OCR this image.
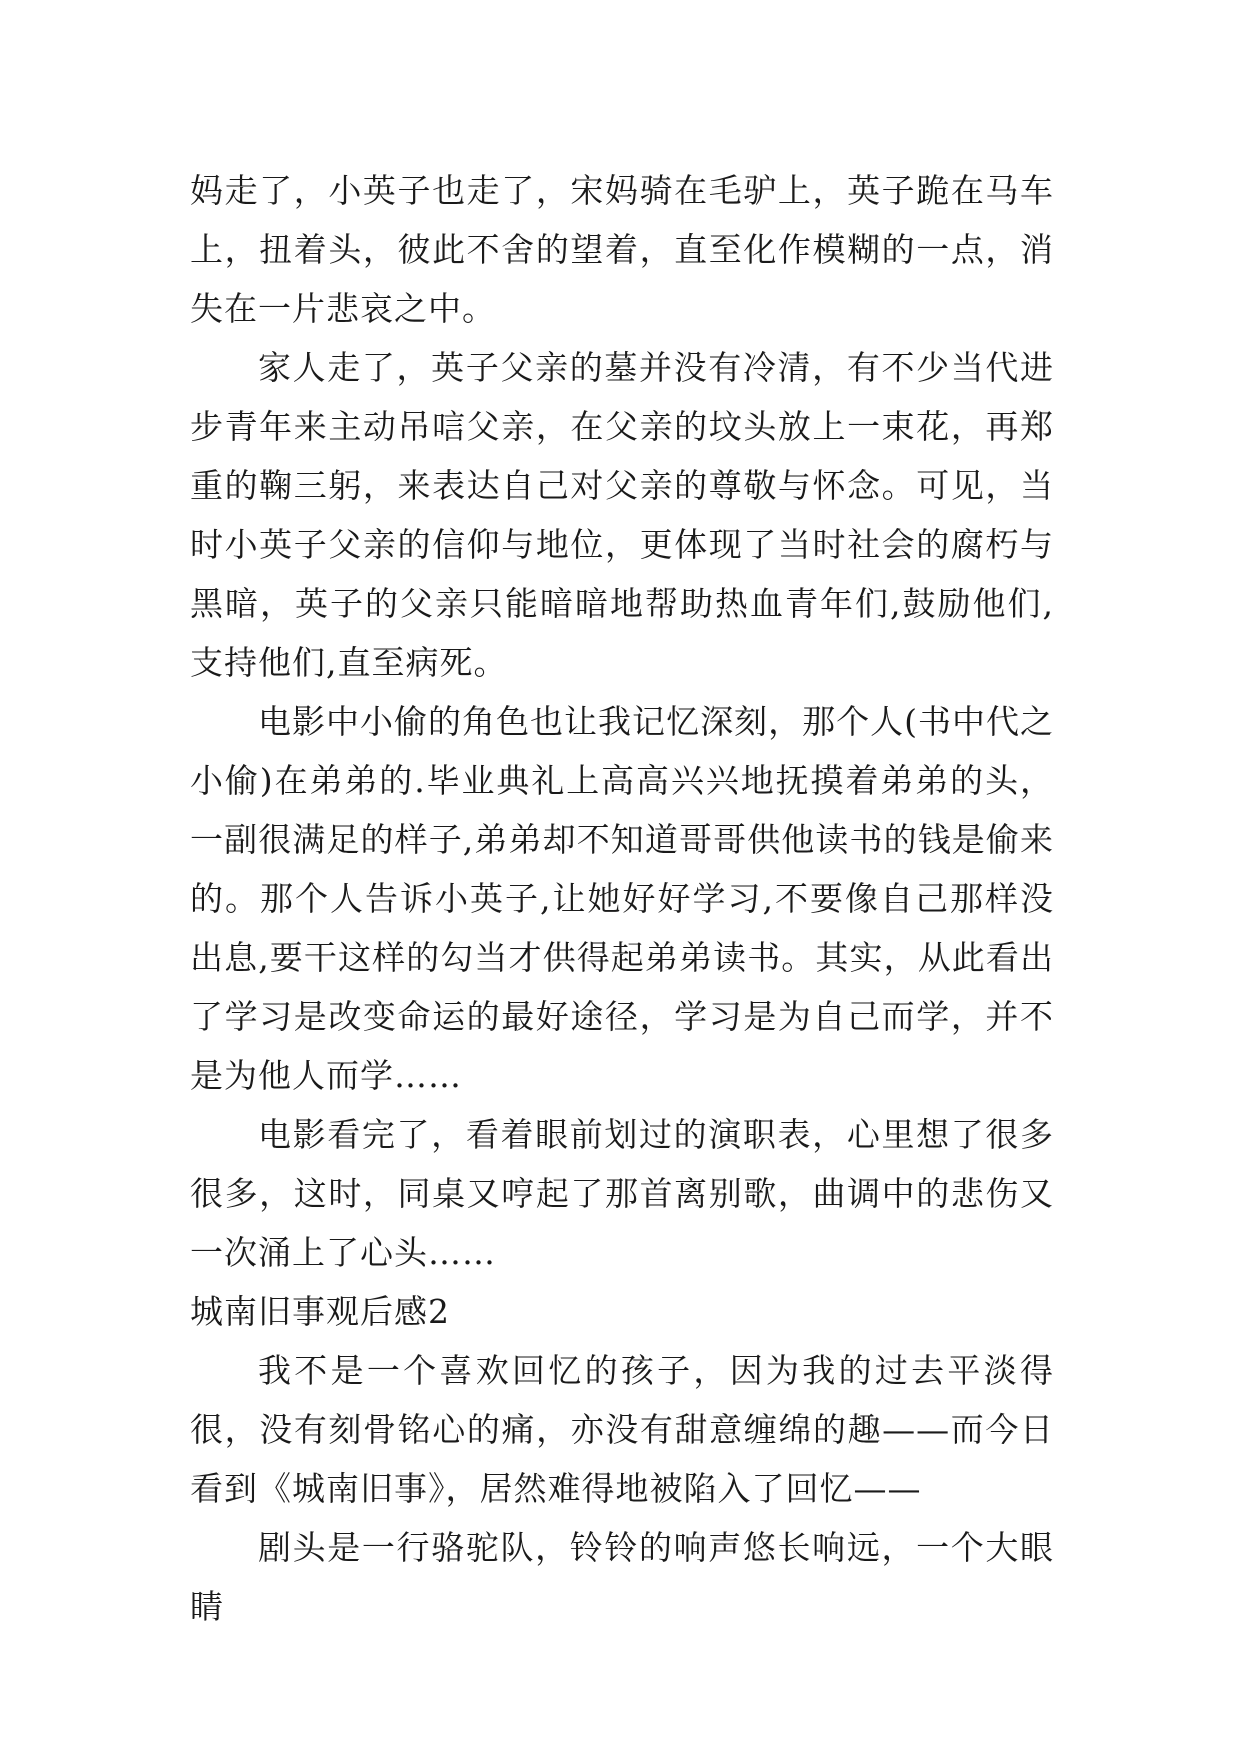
妈走了，小英子也走了，宋妈骑在毛驴上，英子跪在马车上，扭着头，彼此不舍的望着，直至化作模糊的一点，消失在一片悲哀之中。

家人走了，英子父亲的墓并没有冷清，有不少当代进步青年来主动吊唁父亲，在父亲的坟头放上一束花，再郑重的鞠三躬，来表达自己对父亲的尊敬与怀念。可见，当时小英子父亲的信仰与地位，更体现了当时社会的腐朽与黑暗，英子的父亲只能暗暗地帮助热血青年们,鼓励他们,支持他们,直至病死。

电影中小偷的角色也让我记忆深刻，那个人(书中代之小偷)在弟弟的.毕业典礼上高高兴兴地抚摸着弟弟的头，一副很满足的样子,弟弟却不知道哥哥供他读书的钱是偷来的。那个人告诉小英子,让她好好学习,不要像自己那样没出息,要干这样的勾当才供得起弟弟读书。其实，从此看出了学习是改变命运的最好途径，学习是为自己而学，并不是为他人而学……

电影看完了，看着眼前划过的演职表，心里想了很多很多，这时，同桌又哼起了那首离别歌，曲调中的悲伤又一次涌上了心头……

城南旧事观后感2

我不是一个喜欢回忆的孩子，因为我的过去平淡得很，没有刻骨铭心的痛，亦没有甜意缠绵的趣——而今日看到《城南旧事》，居然难得地被陷入了回忆——

剧头是一行骆驼队，铃铃的响声悠长响远，一个大眼睛
